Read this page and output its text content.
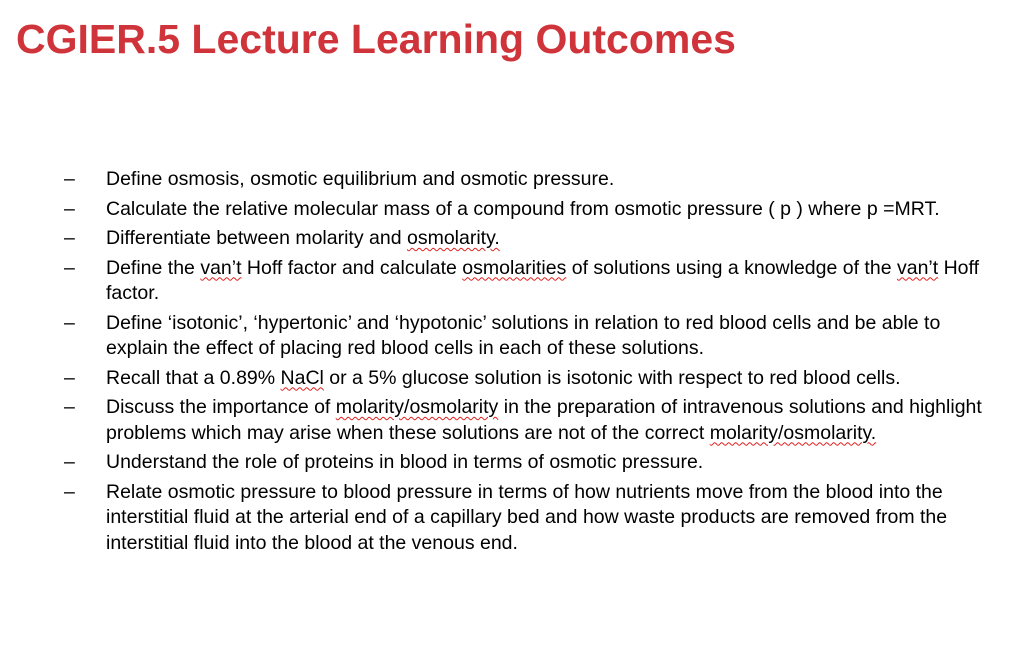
CGIER.5 Lecture Learning Outcomes
–	Define osmosis, osmotic equilibrium and osmotic pressure.
–	Calculate the relative molecular mass of a compound from osmotic pressure ( p ) where p =MRT.
–	Differentiate between molarity and osmolarity.
–	Define the van’t Hoff factor and calculate osmolarities of solutions using a knowledge of the van’t Hoff factor.
–	Define ‘isotonic’, ‘hypertonic’ and ‘hypotonic’ solutions in relation to red blood cells and be able to explain the effect of placing red blood cells in each of these solutions.
–	Recall that a 0.89% NaCl or a 5% glucose solution is isotonic with respect to red blood cells.
–	Discuss the importance of molarity/osmolarity in the preparation of intravenous solutions and highlight problems which may arise when these solutions are not of the correct molarity/osmolarity.
–	Understand the role of proteins in blood in terms of osmotic pressure.
–	Relate osmotic pressure to blood pressure in terms of how nutrients move from the blood into the interstitial fluid at the arterial end of a capillary bed and how waste products are removed from the interstitial fluid into the blood at the venous end.
